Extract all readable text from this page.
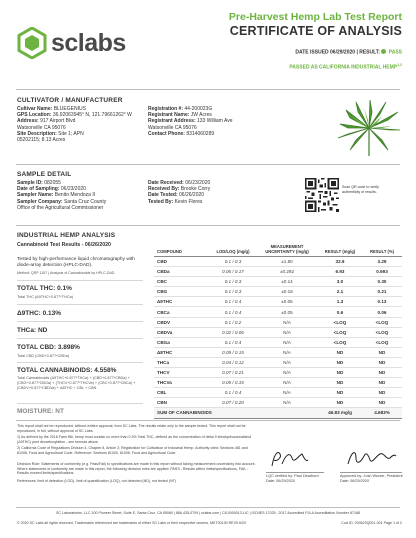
sclabs
Pre-Harvest Hemp Lab Test Report
CERTIFICATE OF ANALYSIS
DATE ISSUED 06/29/2020 | RESULT: PASS
PASSED AS CALIFORNIA INDUSTRIAL HEMP$^{1,2}$
CULTIVATOR / MANUFACTURER
Cultivar Name: BLUEGENIUS
GPS Location: 36.92063945° N, 121.79661262° W
Address: 917 Airport Blvd
Watsonville CA 95076
Site Description: Site 1; APN
05202115; 8.13 Acres
Registration #: 44-200023G
Registrant Name: JW Acres
Registrant Address: 133 William Ave
Watsonville CA 95076
Contact Phone: 8314060289
SAMPLE DETAIL
Sample ID: 082055
Date of Sampling: 06/23/2020
Sampler Name: Benito Mendoza II
Sampler Company: Santa Cruz County
Office of the Agricultural Commissioner
Date Received: 06/23/2020
Received By: Brooke Corry
Date Tested: 06/26/2020
Tested By: Kevin Flores
Scan QR code to verify authenticity of results.
INDUSTRIAL HEMP ANALYSIS
Cannabinoid Test Results - 06/26/2020
Tested by high-performance liquid chromatography with diode-array detection (HPLC-DAD).
Method: QSP 1157 | Analysis of Cannabinoids by HPLC-DAD
TOTAL THC: 0.1%
Total THC (Δ9THC+0.877*THCa)
Δ9THC: 0.13%
THCa: ND
TOTAL CBD: 3.898%
Total CBD (CBD+0.877*CBDa)
TOTAL CANNABINOIDS: 4.558%
Total Cannabinoids (Δ9THC+0.877*THCa) + (CBD+0.877*CBDa) + (CBG+0.877*CBGa) + (THCV+0.877*THCVa) + (CBC+0.877*CBCa) + (CBDV+0.877*CBDVa) + Δ8THC + CBL + CBN
MOISTURE: NT
COMPOUND	LOD/LOQ (mg/g)	MEASUREMENT UNCERTAINTY (mg/g)	RESULT (mg/g)	RESULT (%)
CBD	0.1 / 0.3	±1.80	32.9	3.29
CBDa	0.06 / 0.17	±0.292	6.93	0.693
CBC	0.1 / 0.3	±0.14	3.0	0.30
CBG	0.1 / 0.3	±0.18	2.1	0.21
Δ9THC	0.1 / 0.4	±0.05	1.3	0.13
CBCa	0.1 / 0.4	±0.05	0.6	0.06
CBDV	0.1 / 0.2	N/A	<LOQ	<LOQ
CBDVa	0.02 / 0.06	N/A	<LOQ	<LOQ
CBGa	0.1 / 0.4	N/A	<LOQ	<LOQ
Δ8THC	0.05 / 0.15	N/A	ND	ND
THCa	0.04 / 0.12	N/A	ND	ND
THCV	0.07 / 0.21	N/A	ND	ND
THCVa	0.05 / 0.15	N/A	ND	ND
CBL	0.1 / 0.4	N/A	ND	ND
CBN	0.07 / 0.20	N/A	ND	ND
SUM OF CANNABINOIDS			46.83 mg/g	4.683%
This report shall not be reproduced, without written approval, from SC Labs. The results relate only to the sample tested. This report shall not be reproduced, in full, without approval of SC Labs.
1) As defined by the 2018 Farm Bill, hemp must contain no more than 0.3% Total THC, defined as the concentration of delta-9 tetrahydrocannabinol (Δ9THC) post decarboxylation - see formula above.
2) California Code of Regulations Division 4, Chapter 8, Article 2; Registration for Cultivation of Industrial Hemp. Authority cited: Sections 481 and 81006, Food and Agricultural Code. Reference: Sections 81000, 81006, Food and Agricultural Code.
Decision Rule: Statements of conformity (e.g. Pass/Fail) to specifications are made in this report without taking measurement uncertainty into account. Where statements of conformity are made in this report, the following decision rules are applied: PASS - Results within limits/specifications, FAIL - Results exceed limits/specifications.
References: limit of detection (LOD), limit of quantification (LOQ), not detected (ND), not tested (NT)
LQC verified by: Paul Dearborn
Date: 06/29/2020
Approved by: Josh Wurzer, President
Date: 06/29/2020
SC Laboratories, LLC 100 Pioneer Street, Suite E, Santa Cruz, CA 95060 | 866-435-0709 | sclabs.com | C8-0000013-LIC | ISO/IES 17025 : 2017 Accredited PJLA Accreditation Number 87168
© 2020 SC Labs all rights reserved. Trademarks referenced are trademarks of either SC Labs or their respective owners. MKT00130 REV5 6/20	CoA ID: 200623Q001-001 Page 1 of 2
